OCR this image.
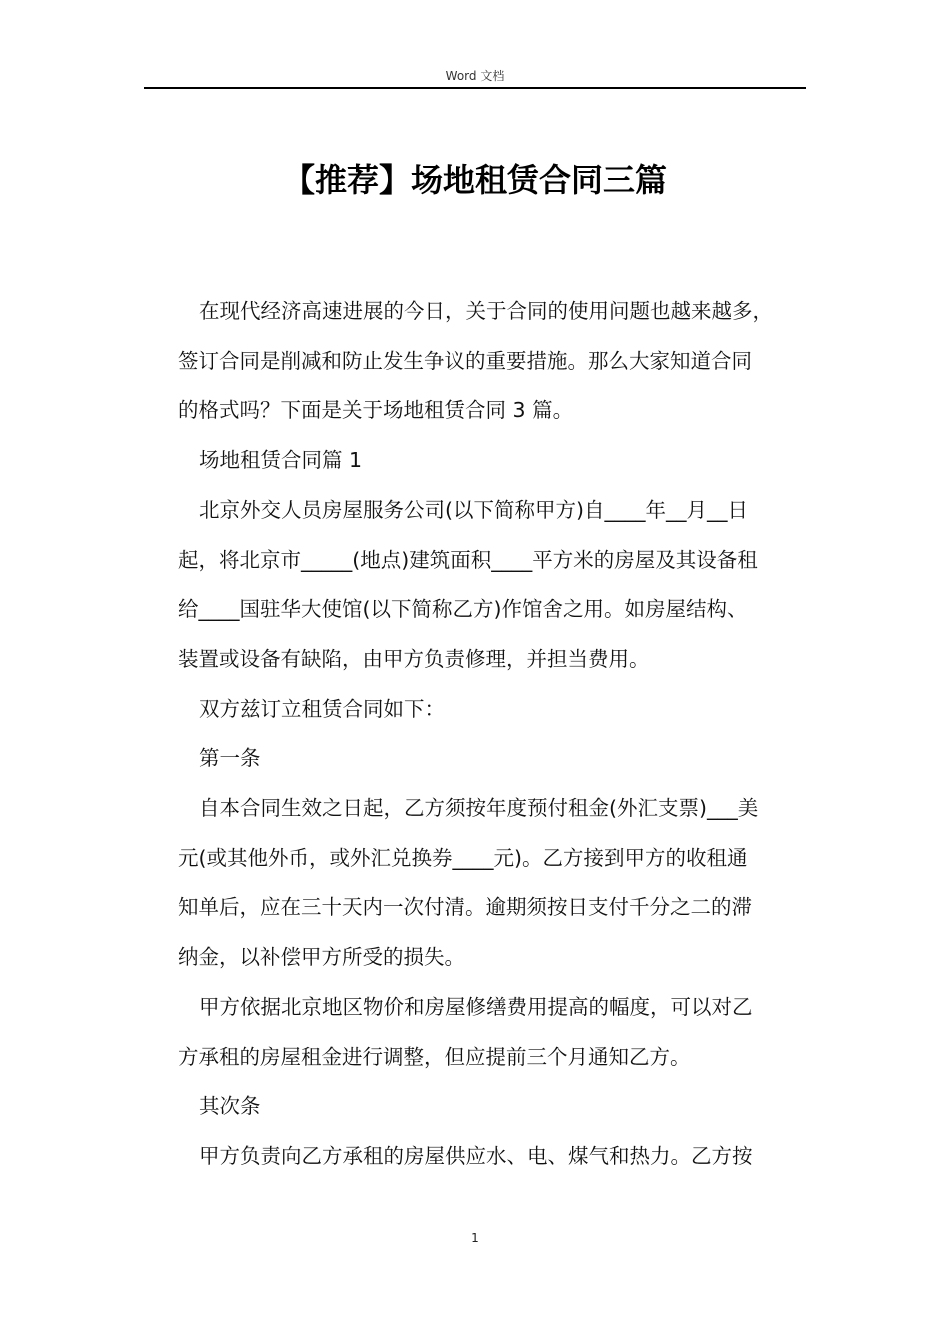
Word 文档
【推荐】场地租赁合同三篇

在现代经济高速进展的今日，关于合同的使用问题也越来越多，
签订合同是削减和防止发生争议的重要措施。那么大家知道合同
的格式吗？下面是关于场地租赁合同 3 篇。

场地租赁合同篇 1

北京外交人员房屋服务公司(以下简称甲方)自____年__月__日
起，将北京市_____(地点)建筑面积____平方米的房屋及其设备租
给____国驻华大使馆(以下简称乙方)作馆舍之用。如房屋结构、
装置或设备有缺陷，由甲方负责修理，并担当费用。

双方兹订立租赁合同如下：

第一条

自本合同生效之日起，乙方须按年度预付租金(外汇支票)___美
元(或其他外币，或外汇兑换券____元)。乙方接到甲方的收租通
知单后，应在三十天内一次付清。逾期须按日支付千分之二的滞
纳金，以补偿甲方所受的损失。

甲方依据北京地区物价和房屋修缮费用提高的幅度，可以对乙
方承租的房屋租金进行调整，但应提前三个月通知乙方。

其次条

甲方负责向乙方承租的房屋供应水、电、煤气和热力。乙方按

1
